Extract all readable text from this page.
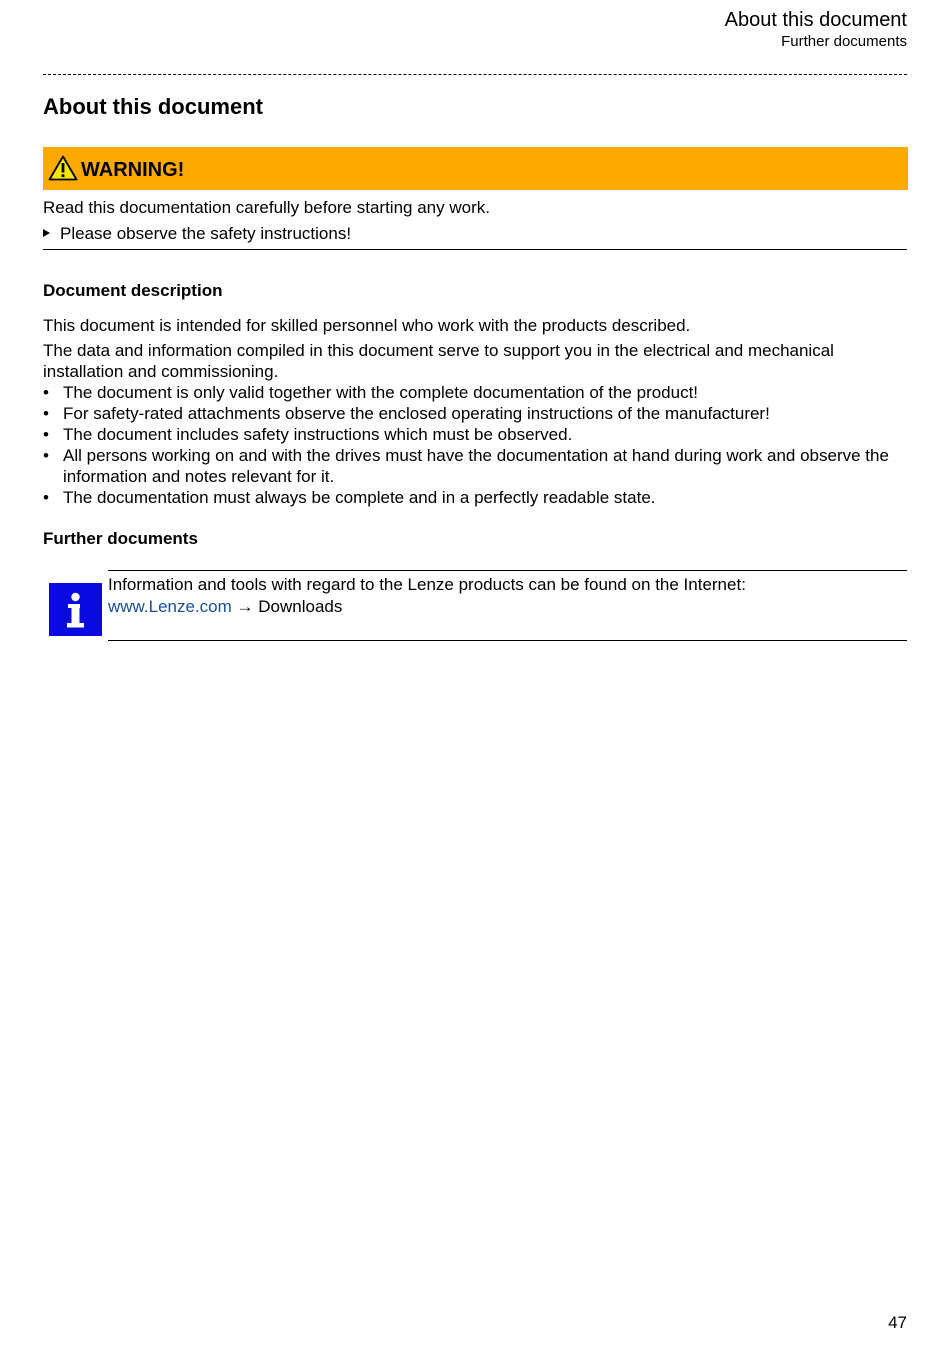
About this document
Further documents
About this document
WARNING!
Read this documentation carefully before starting any work.
Please observe the safety instructions!
Document description
This document is intended for skilled personnel who work with the products described.
The data and information compiled in this document serve to support you in the electrical and mechanical installation and commissioning.
• The document is only valid together with the complete documentation of the product!
• For safety-rated attachments observe the enclosed operating instructions of the manufacturer!
• The document includes safety instructions which must be observed.
• All persons working on and with the drives must have the documentation at hand during work and observe the information and notes relevant for it.
• The documentation must always be complete and in a perfectly readable state.
Further documents
Information and tools with regard to the Lenze products can be found on the Internet:
www.Lenze.com → Downloads
47
